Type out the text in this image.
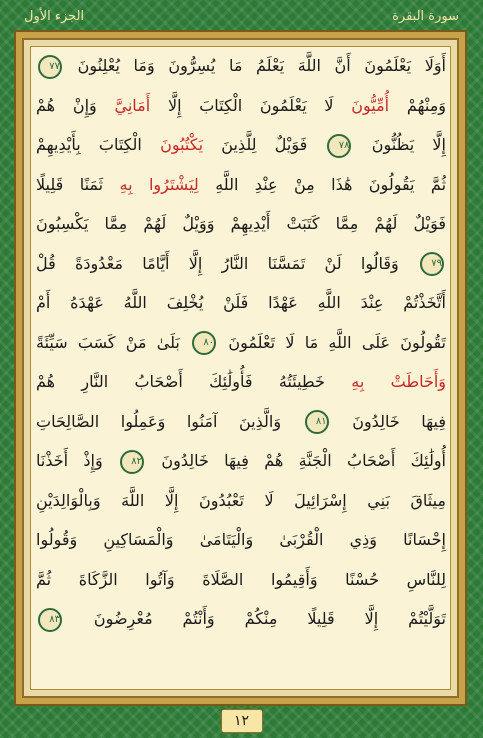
الجزء الأول	سورة البقرة
أَوَلَا يَعْلَمُونَ أَنَّ اللَّهَ يَعْلَمُ مَا يُسِرُّونَ وَمَا يُعْلِنُونَ ٧٧
وَمِنْهُمْ أُمِّيُّونَ لَا يَعْلَمُونَ الْكِتَابَ إِلَّا أَمَانِيَّ وَإِنْ هُمْ
إِلَّا يَظُنُّونَ ٧٨ فَوَيْلٌ لِلَّذِينَ يَكْتُبُونَ الْكِتَابَ بِأَيْدِيهِمْ
ثُمَّ يَقُولُونَ هَٰذَا مِنْ عِنْدِ اللَّهِ لِيَشْتَرُوا بِهِ ثَمَنًا قَلِيلًا
فَوَيْلٌ لَهُمْ مِمَّا كَتَبَتْ أَيْدِيهِمْ وَوَيْلٌ لَهُمْ مِمَّا يَكْسِبُونَ
٧٩ وَقَالُوا لَنْ تَمَسَّنَا النَّارُ إِلَّا أَيَّامًا مَعْدُودَةً قُلْ
أَتَّخَذْتُمْ عِنْدَ اللَّهِ عَهْدًا فَلَنْ يُخْلِفَ اللَّهُ عَهْدَهُ أَمْ
تَقُولُونَ عَلَى اللَّهِ مَا لَا تَعْلَمُونَ ٨٠ بَلَىٰ مَنْ كَسَبَ سَيِّئَةً
وَأَحَاطَتْ بِهِ خَطِيئَتُهُ فَأُولَٰئِكَ أَصْحَابُ النَّارِ هُمْ
فِيهَا خَالِدُونَ ٨١ وَالَّذِينَ آمَنُوا وَعَمِلُوا الصَّالِحَاتِ
أُولَٰئِكَ أَصْحَابُ الْجَنَّةِ هُمْ فِيهَا خَالِدُونَ ٨٢ وَإِذْ أَخَذْنَا
مِيثَاقَ بَنِي إِسْرَائِيلَ لَا تَعْبُدُونَ إِلَّا اللَّهَ وَبِالْوَالِدَيْنِ
إِحْسَانًا وَذِي الْقُرْبَىٰ وَالْيَتَامَىٰ وَالْمَسَاكِينِ وَقُولُوا
لِلنَّاسِ حُسْنًا وَأَقِيمُوا الصَّلَاةَ وَآتُوا الزَّكَاةَ ثُمَّ
تَوَلَّيْتُمْ إِلَّا قَلِيلًا مِنْكُمْ وَأَنْتُمْ مُعْرِضُونَ ٨٣
١٢
